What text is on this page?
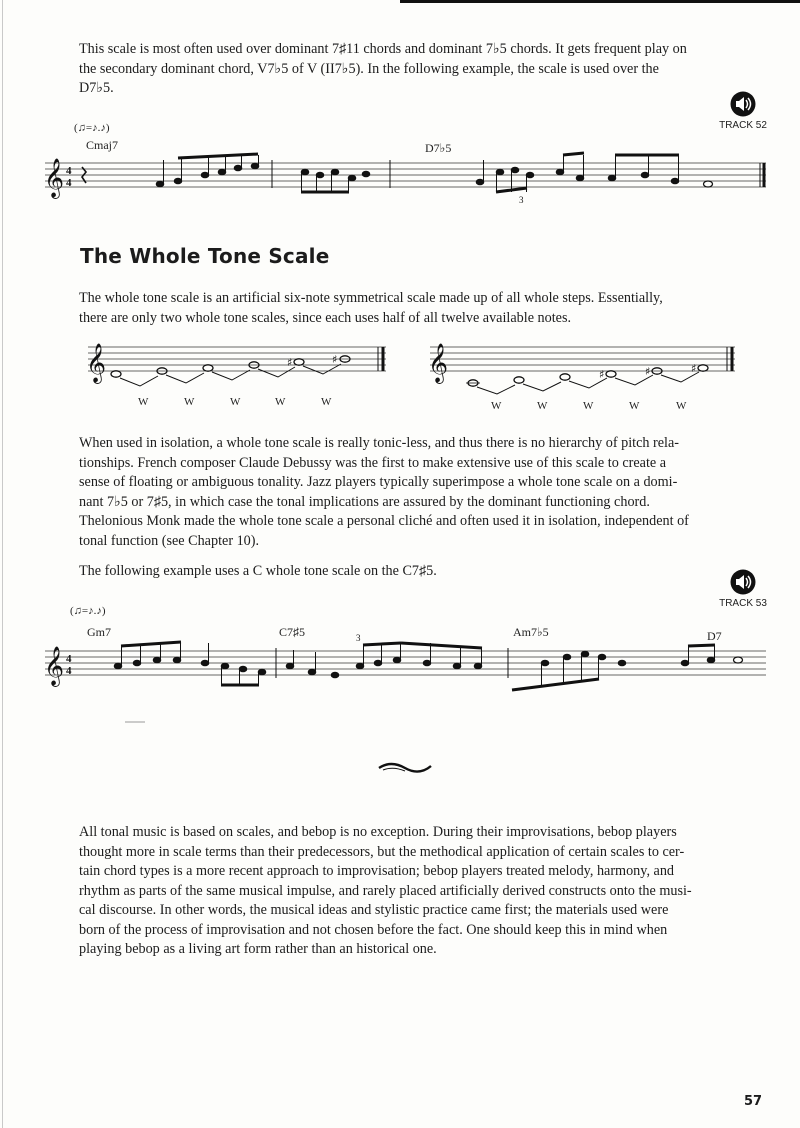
This scale is most often used over dominant 7♯11 chords and dominant 7♭5 chords. It gets frequent play on

the secondary dominant chord, V7♭5 of V (II7♭5). In the following example, the scale is used over the

D7♭5.

TRACK 52
(♫=♪.♪)
Cmaj7	D7♭5
𝄞 4
4
3
The Whole Tone Scale

The whole tone scale is an artificial six-note symmetrical scale made up of all whole steps. Essentially,

there are only two whole tone scales, since each uses half of all twelve available notes.

𝄞	𝄞
♯	♯
♯	♯	♯
W	W	W	W	W	W	W	W	W	W

When used in isolation, a whole tone scale is really tonic-less, and thus there is no hierarchy of pitch rela-

tionships. French composer Claude Debussy was the first to make extensive use of this scale to create a

sense of floating or ambiguous tonality. Jazz players typically superimpose a whole tone scale on a domi-

nant 7♭5 or 7♯5, in which case the tonal implications are assured by the dominant functioning chord.

Thelonious Monk made the whole tone scale a personal cliché and often used it in isolation, independent of

tonal function (see Chapter 10).

The following example uses a C whole tone scale on the C7♯5.

TRACK 53
(♫=♪.♪)
Gm7	C7♯5	Am7♭5	D7
𝄞 4
4
3

All tonal music is based on scales, and bebop is no exception. During their improvisations, bebop players

thought more in scale terms than their predecessors, but the methodical application of certain scales to cer-

tain chord types is a more recent approach to improvisation; bebop players treated melody, harmony, and

rhythm as parts of the same musical impulse, and rarely placed artificially derived constructs onto the musi-

cal discourse. In other words, the musical ideas and stylistic practice came first; the materials used were

born of the process of improvisation and not chosen before the fact. One should keep this in mind when

playing bebop as a living art form rather than an historical one.

57
